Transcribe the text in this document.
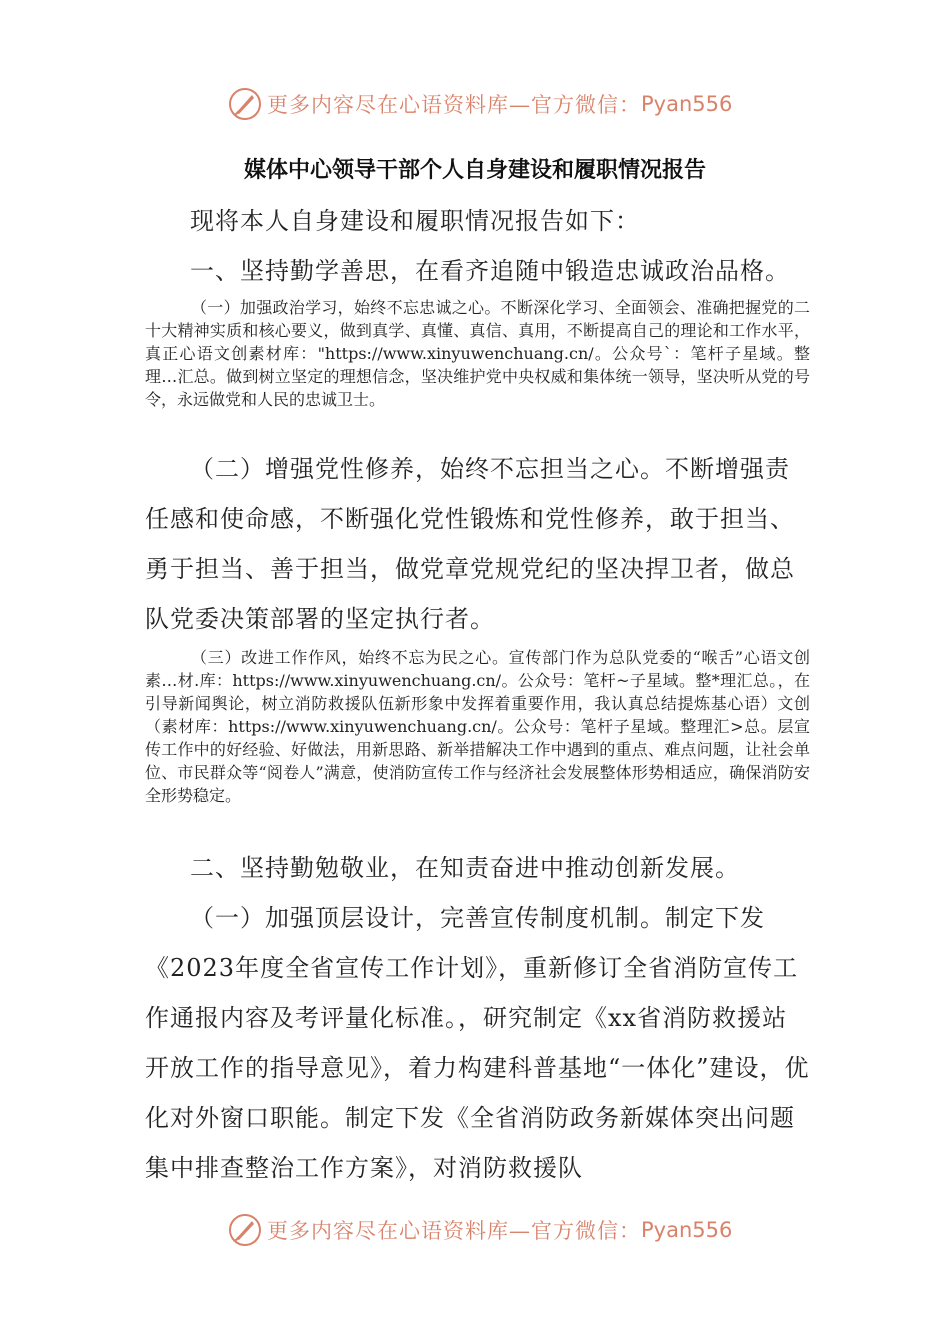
更多内容尽在心语资料库—官方微信： Pyan556
媒体中心领导干部个人自身建设和履职情况报告
现将本人自身建设和履职情况报告如下：
一、坚持勤学善思，在看齐追随中锻造忠诚政治品格。
（一）加强政治学习，始终不忘忠诚之心。不断深化学习、全面领会、准确把握党的二十大精神实质和核心要义，做到真学、真懂、真信、真用，不断提高自己的理论和工作水平，真正心语文创素材库："https://www.xinyuwenchuang.cn/。公众号`：笔杆子星域。整理…汇总。做到树立坚定的理想信念，坚决维护党中央权威和集体统一领导，坚决听从党的号令，永远做党和人民的忠诚卫士。
（二）增强党性修养，始终不忘担当之心。不断增强责任感和使命感，不断强化党性锻炼和党性修养，敢于担当、勇于担当、善于担当，做党章党规党纪的坚决捍卫者，做总队党委决策部署的坚定执行者。
（三）改进工作作风，始终不忘为民之心。宣传部门作为总队党委的“喉舌”心语文创素…材.库：https://www.xinyuwenchuang.cn/。公众号：笔杆~子星域。整*理汇总。，在引导新闻舆论，树立消防救援队伍新形象中发挥着重要作用，我认真总结提炼基心语）文创（素材库：https://www.xinyuwenchuang.cn/。公众号：笔杆子星域。整理汇>总。层宣传工作中的好经验、好做法，用新思路、新举措解决工作中遇到的重点、难点问题，让社会单位、市民群众等“阅卷人”满意，使消防宣传工作与经济社会发展整体形势相适应，确保消防安全形势稳定。
二、坚持勤勉敬业，在知责奋进中推动创新发展。
（一）加强顶层设计，完善宣传制度机制。制定下发《2023年度全省宣传工作计划》，重新修订全省消防宣传工作通报内容及考评量化标准。，研究制定《xx省消防救援站开放工作的指导意见》，着力构建科普基地“一体化”建设，优化对外窗口职能。制定下发《全省消防政务新媒体突出问题集中排查整治工作方案》，对消防救援队
更多内容尽在心语资料库—官方微信： Pyan556
